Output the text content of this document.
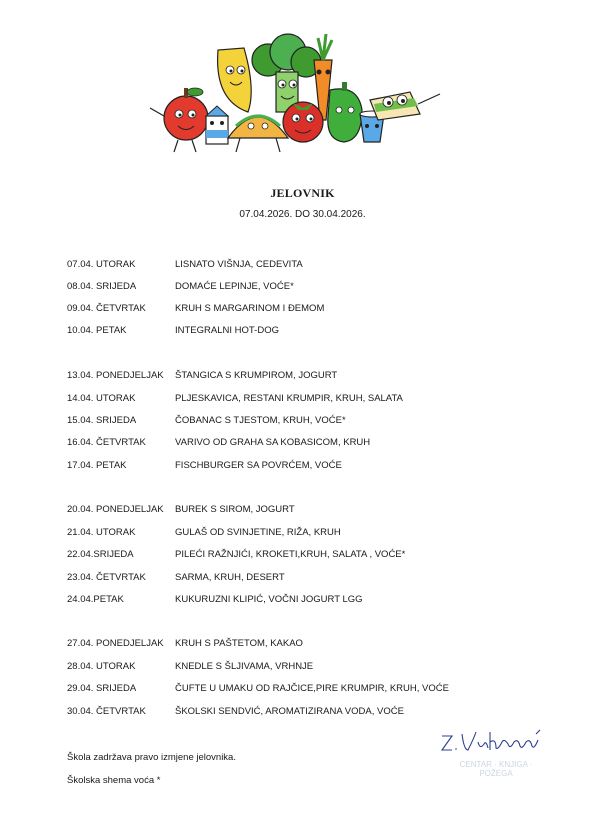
JELOVNIK
07.04.2026. DO 30.04.2026.
07.04. UTORAK	LISNATO VIŠNJA, CEDEVITA
08.04. SRIJEDA	DOMAĆE LEPINJE, VOĆE*
09.04. ČETVRTAK	KRUH S MARGARINOM I ĐEMOM
10.04. PETAK	INTEGRALNI HOT-DOG
13.04. PONEDJELJAK ŠTANGICA S KRUMPIROM, JOGURT
14.04. UTORAK	PLJESKAVICA, RESTANI KRUMPIR, KRUH, SALATA
15.04. SRIJEDA	ČOBANAC S TJESTOM, KRUH, VOĆE*
16.04. ČETVRTAK	VARIVO OD GRAHA SA KOBASICOM, KRUH
17.04. PETAK	FISCHBURGER SA POVRĆEM, VOĆE
20.04. PONEDJELJAK BUREK S SIROM, JOGURT
21.04. UTORAK	GULAŠ OD SVINJETINE, RIŽA, KRUH
22.04.SRIJEDA	PILEĆI RAŽNJIĆI, KROKETI,KRUH, SALATA , VOĆE*
23.04. ČETVRTAK	SARMA, KRUH, DESERT
24.04.PETAK	KUKURUZNI KLIPIĆ, VOČNI JOGURT LGG
27.04. PONEDJELJAK KRUH S PAŠTETOM, KAKAO
28.04. UTORAK	KNEDLE S ŠLJIVAMA, VRHNJE
29.04. SRIJEDA	ČUFTE U UMAKU OD RAJČICE,PIRE KRUMPIR, KRUH, VOĆE
30.04. ČETVRTAK	ŠKOLSKI SENDVIĆ, AROMATIZIRANA VODA, VOĆE
Škola zadržava pravo izmjene jelovnika.
Školska shema voća *
CENTAR · KNJIGA · POŽEGA
